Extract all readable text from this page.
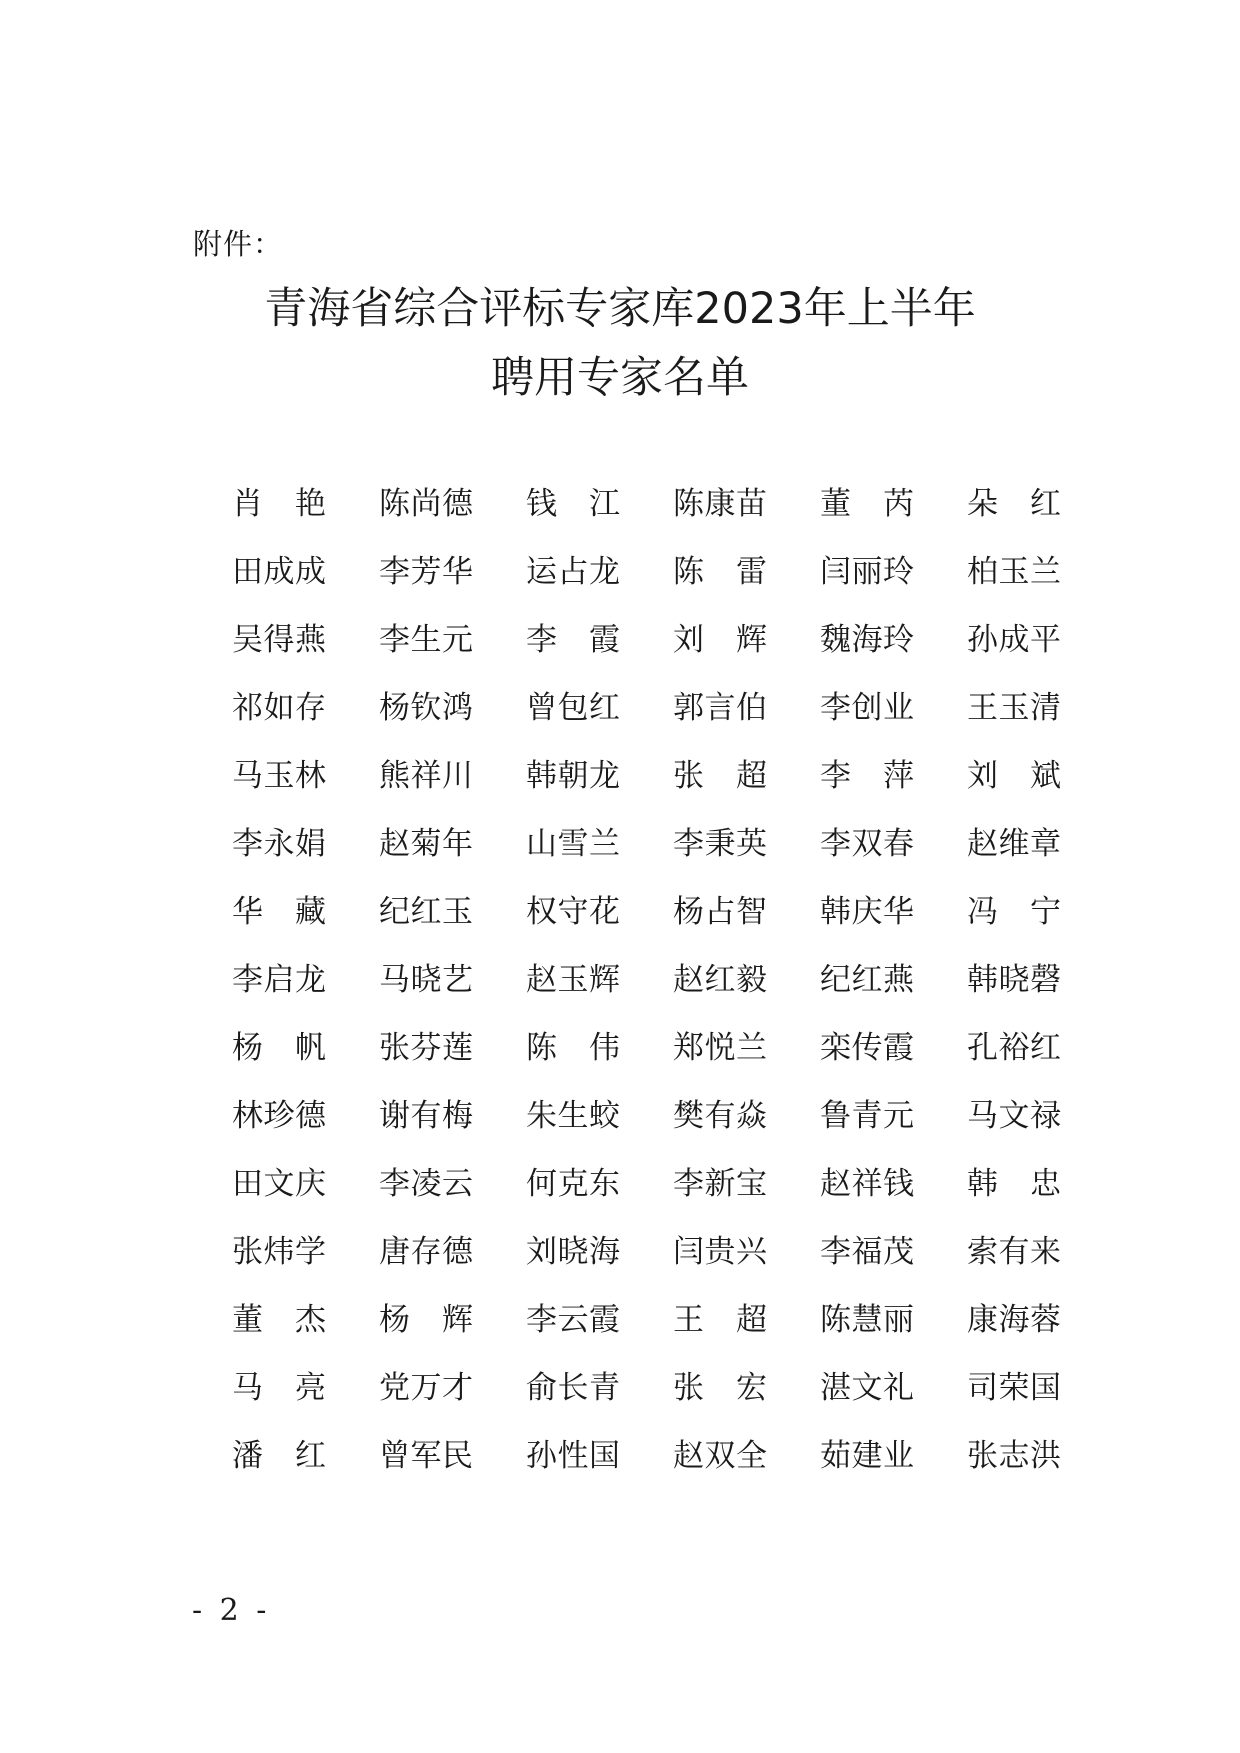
附件：
青海省综合评标专家库2023年上半年
聘用专家名单
肖 艳 陈尚德 钱 江 陈康苗 董 芮 朵 红
田成成 李芳华 运占龙 陈 雷 闫丽玲 柏玉兰
吴得燕 李生元 李 霞 刘 辉 魏海玲 孙成平
祁如存 杨钦鸿 曾包红 郭言伯 李创业 王玉清
马玉林 熊祥川 韩朝龙 张 超 李 萍 刘 斌
李永娟 赵菊年 山雪兰 李秉英 李双春 赵维章
华 藏 纪红玉 权守花 杨占智 韩庆华 冯 宁
李启龙 马晓艺 赵玉辉 赵红毅 纪红燕 韩晓磬
杨 帆 张芬莲 陈 伟 郑悦兰 栾传霞 孔裕红
林珍德 谢有梅 朱生蛟 樊有焱 鲁青元 马文禄
田文庆 李凌云 何克东 李新宝 赵祥钱 韩 忠
张炜学 唐存德 刘晓海 闫贵兴 李福茂 索有来
董 杰 杨 辉 李云霞 王 超 陈慧丽 康海蓉
马 亮 党万才 俞长青 张 宏 湛文礼 司荣国
潘 红 曾军民 孙性国 赵双全 茹建业 张志洪
- 2 -
